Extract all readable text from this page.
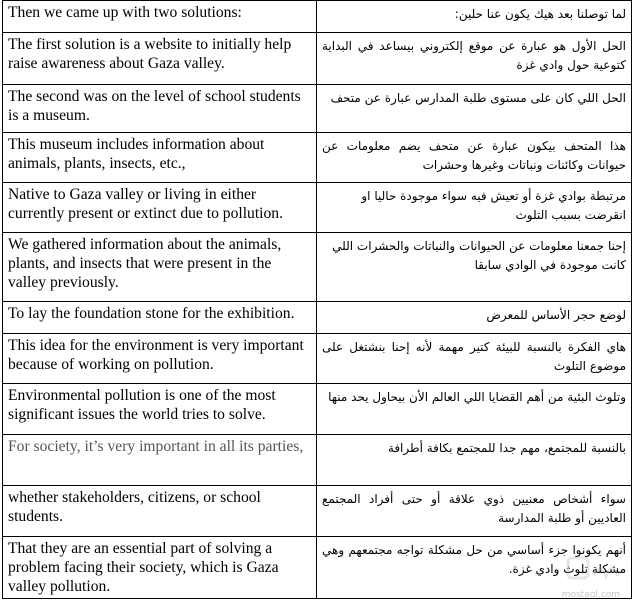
Then we came up with two solutions:	لما توصلنا بعد هيك يكون عنا حلين:
The first solution is a website to initially help raise awareness about Gaza valley.	الحل الأول هو عبارة عن موقع إلكتروني بيساعد في البداية كتوعية حول وادي غزة
The second was on the level of school students is a museum.	الحل اللي كان على مستوى طلبة المدارس عبارة عن متحف
This museum includes information about animals, plants, insects, etc.,	هذا المتحف بيكون عبارة عن متحف يضم معلومات عن حيوانات وكائنات ونباتات وغيرها وحشرات
Native to Gaza valley or living in either currently present or extinct due to pollution.	مرتبطة بوادي غزة أو تعيش فيه سواء موجودة حاليا او انقرضت بسبب التلوث
We gathered information about the animals, plants, and insects that were present in the valley previously.	إحنا جمعنا معلومات عن الحيوانات والنباتات والحشرات اللي كانت موجودة في الوادي سابقا
To lay the foundation stone for the exhibition.	لوضع حجر الأساس للمعرض
This idea for the environment is very important because of working on pollution.	هاي الفكرة بالنسبة للبيئة كتير مهمة لأنه إحنا بنشتغل على موضوع التلوث
Environmental pollution is one of the most significant issues the world tries to solve.	وتلوث البئية من أهم القضايا اللي العالم الأن بيحاول يحد منها
For society, it’s very important in all its parties,	بالنسبة للمجتمع، مهم جدا للمجتمع بكافة أطرافة
whether stakeholders, citizens, or school students.	سواء أشخاص معنيين ذوي علاقة أو حتى أفراد المجتمع العاديين أو طلبة المدارسة
That they are an essential part of solving a problem facing their society, which is Gaza valley pollution.	أنهم يكونوا جزء أساسي من حل مشكلة تواجه مجتمعهم وهي مشكلة تلوث وادي غزة.
mostaql.com
